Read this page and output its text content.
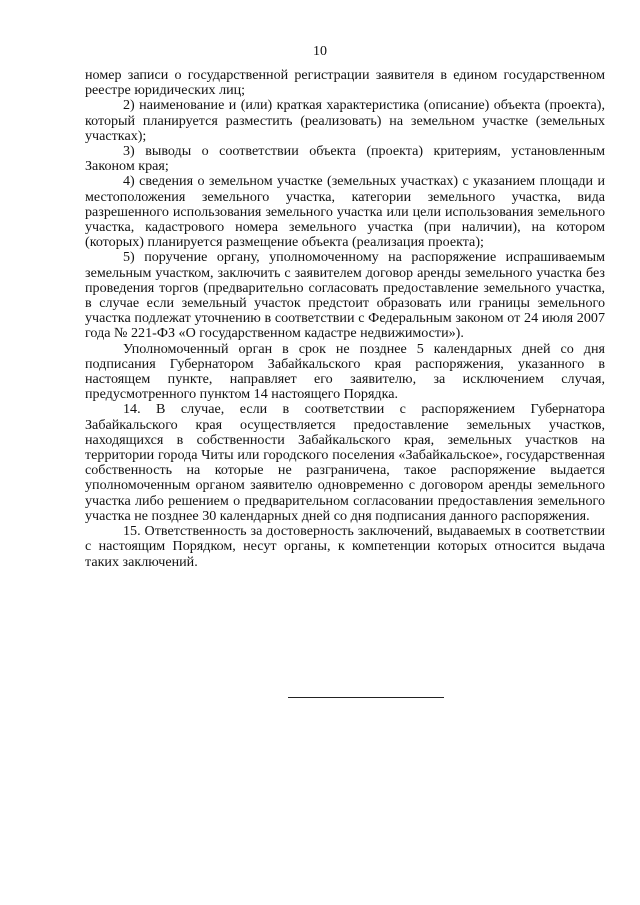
10

номер записи о государственной регистрации заявителя в едином государственном реестре юридических лиц;

2) наименование и (или) краткая характеристика (описание) объекта (проекта), который планируется разместить (реализовать) на земельном участке (земельных участках);

3) выводы о соответствии объекта (проекта) критериям, установленным Законом края;

4) сведения о земельном участке (земельных участках) с указанием площади и местоположения земельного участка, категории земельного участка, вида разрешенного использования земельного участка или цели использования земельного участка, кадастрового номера земельного участка (при наличии), на котором (которых) планируется размещение объекта (реализация проекта);

5) поручение органу, уполномоченному на распоряжение испрашиваемым земельным участком, заключить с заявителем договор аренды земельного участка без проведения торгов (предварительно согласовать предоставление земельного участка, в случае если земельный участок предстоит образовать или границы земельного участка подлежат уточнению в соответствии с Федеральным законом от 24 июля 2007 года № 221-ФЗ «О государственном кадастре недвижимости»).

Уполномоченный орган в срок не позднее 5 календарных дней со дня подписания Губернатором Забайкальского края распоряжения, указанного в настоящем пункте, направляет его заявителю, за исключением случая, предусмотренного пунктом 14 настоящего Порядка.

14. В случае, если в соответствии с распоряжением Губернатора Забайкальского края осуществляется предоставление земельных участков, находящихся в собственности Забайкальского края, земельных участков на территории города Читы или городского поселения «Забайкальское», государственная собственность на которые не разграничена, такое распоряжение выдается уполномоченным органом заявителю одновременно с договором аренды земельного участка либо решением о предварительном согласовании предоставления земельного участка не позднее 30 календарных дней со дня подписания данного распоряжения.

15. Ответственность за достоверность заключений, выдаваемых в соответствии с настоящим Порядком, несут органы, к компетенции которых относится выдача таких заключений.
